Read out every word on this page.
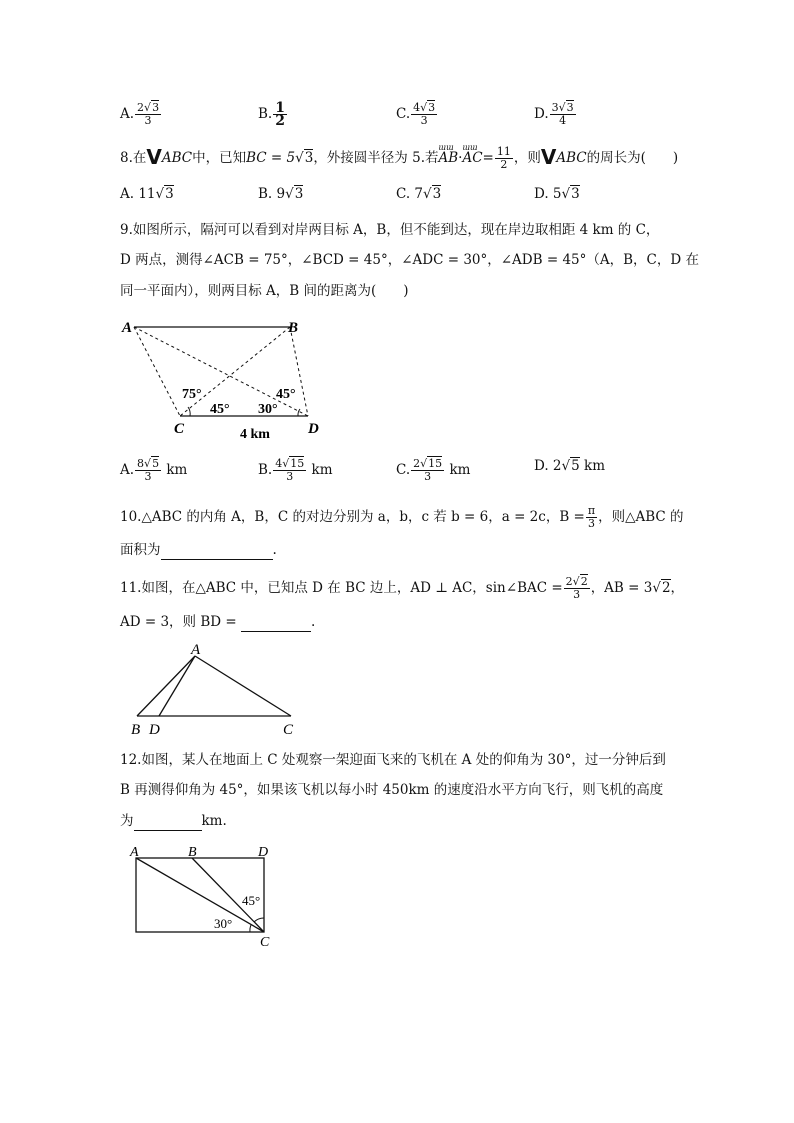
A. $\frac{2√3}{3}$	B. $\frac{1}{2}$	C. $\frac{4√3}{3}$	D. $\frac{3√3}{4}$
8.在VABC中，已知BC = 5√3，外接圆半径为 5.若ɯɯ AB·ɯɯ $AC= \frac{11}{2}$ ，则VABC的周长为(　　)
A. 11√3	B. 9√3	C. 7√3	D. 5√3
9.如图所示，隔河可以看到对岸两目标 A，B，但不能到达，现在岸边取相距 4 km 的 C，
D 两点，测得∠ACB = 75°，∠BCD = 45°，∠ADC = 30°，∠ADB = 45°（A，B，C，D 在
同一平面内），则两目标 A，B 间的距离为(　　)
A	B
C	D
75°
45° 30°
45°
4 km
A. $\frac{8√5}{3}$ km	B. $\frac{4√15}{3}$ km	C. $\frac{2√15}{3}$ km	D. 2√5 km
10.△ABC 的内角 A，B，C 的对边分别为 a，b，c 若 b = 6，a = 2c，$B = \frac{\pi}{3}$ ，则△ABC 的
面积为	.
11.如图，在△ABC 中，已知点 D 在 BC 边上，AD ⊥ AC，sin∠BAC = $\frac{2√2}{3}$ ，AB = 3√2，
AD = 3，则 BD =	.
A
B D	C
12.如图，某人在地面上 C 处观察一架迎面飞来的飞机在 A 处的仰角为 30°，过一分钟后到
B 再测得仰角为 45°，如果该飞机以每小时 450km 的速度沿水平方向飞行，则飞机的高度
为	km.
A	B	D
C
45°
30°
